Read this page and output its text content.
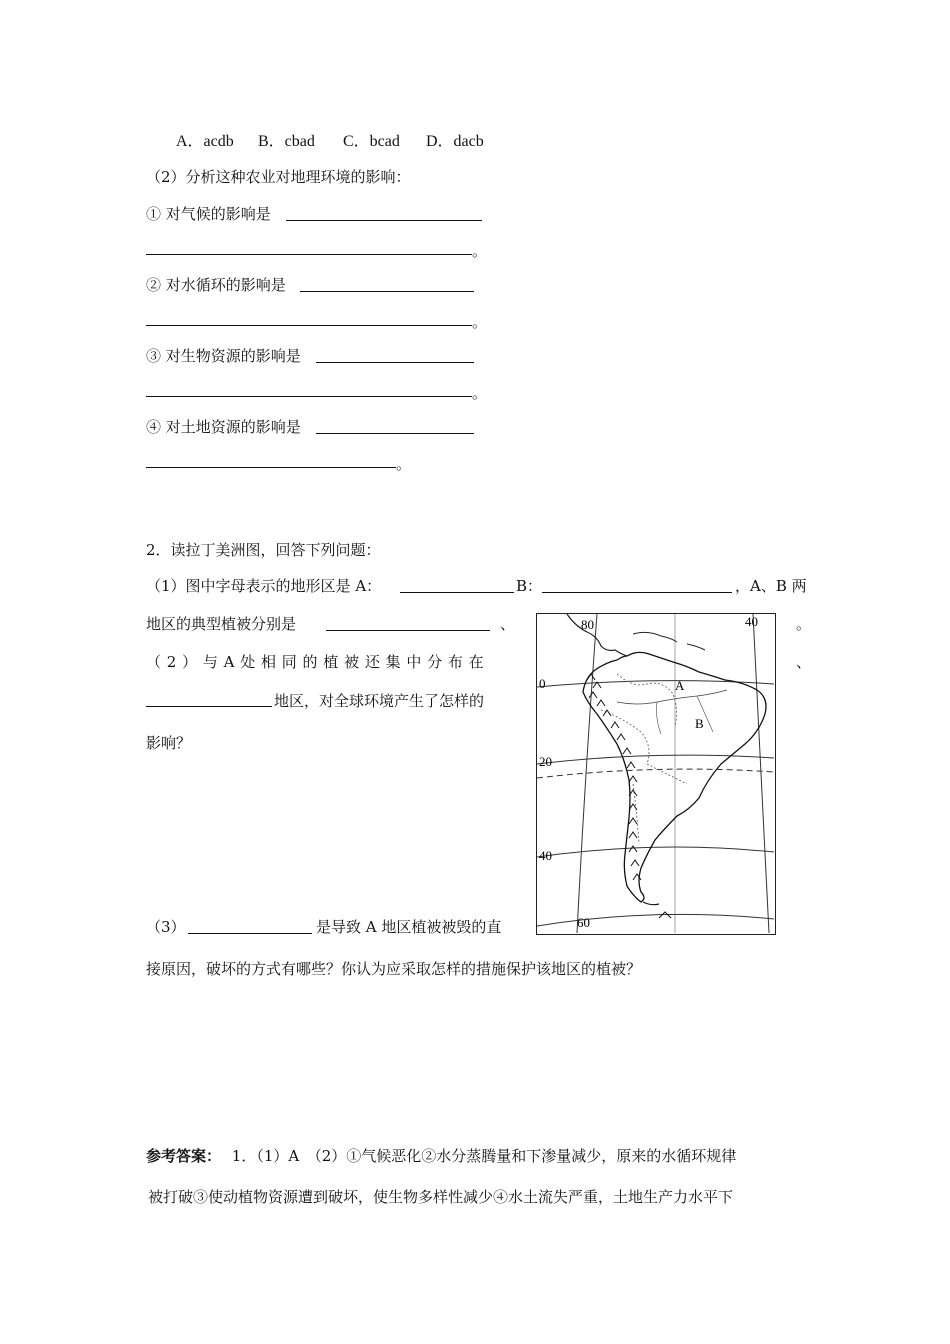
A．acdb B．cbad C．bcad D．dacb
（2）分析这种农业对地理环境的影响：
① 对气候的影响是
。
② 对水循环的影响是
。
③ 对生物资源的影响是
。
④ 对土地资源的影响是
。
2．读拉丁美洲图，回答下列问题：
（1）图中字母表示的地形区是 A：	B：	，A、B 两
地区的典型植被分别是	、	。
（ 2 ） 与 A 处 相 同 的 植 被 还 集 中 分 布 在	、
地区，对全球环境产生了怎样的
影响？
（3）	是导致 A 地区植被被毁的直
接原因，破坏的方式有哪些？你认为应采取怎样的措施保护该地区的植被？
80	40
0
20
40
60
A
B
参考答案： 1．（1）A　（2）①气候恶化②水分蒸腾量和下渗量减少，原来的水循环规律
被打破③使动植物资源遭到破坏，使生物多样性减少④水土流失严重，土地生产力水平下
